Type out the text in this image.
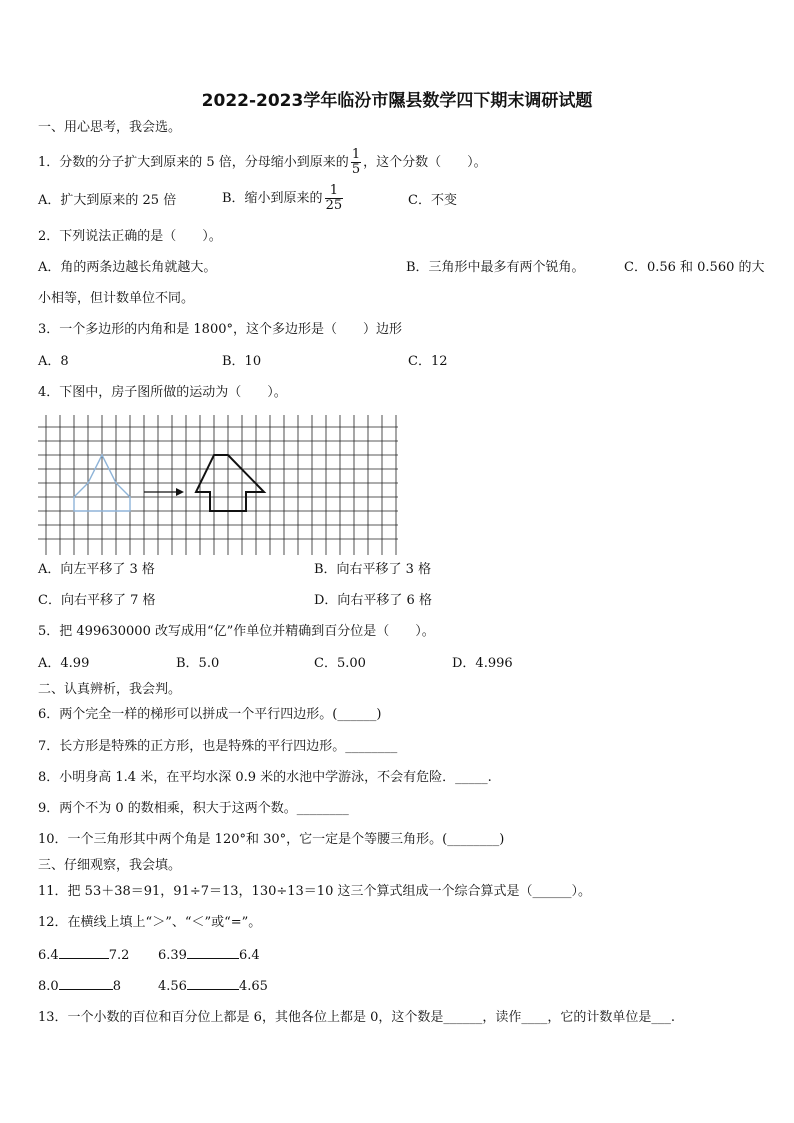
2022-2023学年临汾市隰县数学四下期末调研试题
一、用心思考，我会选。
1．分数的分子扩大到原来的 5 倍，分母缩小到原来的 $\frac{1}{5}$ ，这个分数（　　）。
A．扩大到原来的 25 倍	B．缩小到原来的 $\frac{1}{25}$	C．不变
2．下列说法正确的是（　　）。
A．角的两条边越长角就越大。	B．三角形中最多有两个锐角。	C．0.56 和 0.560 的大
小相等，但计数单位不同。
3．一个多边形的内角和是 1800°，这个多边形是（　　）边形
A．8	B．10	C．12
4．下图中，房子图所做的运动为（　　）。
A．向左平移了 3 格	B．向右平移了 3 格
C．向右平移了 7 格	D．向右平移了 6 格
5．把 499630000 改写成用“亿”作单位并精确到百分位是（　　）。
A．4.99	B．5.0	C．5.00	D．4.996
二、认真辨析，我会判。
6．两个完全一样的梯形可以拼成一个平行四边形。(______)
7．长方形是特殊的正方形，也是特殊的平行四边形。________
8．小明身高 1.4 米，在平均水深 0.9 米的水池中学游泳，不会有危险．_____.
9．两个不为 0 的数相乘，积大于这两个数。________
10．一个三角形其中两个角是 120°和 30°，它一定是个等腰三角形。(________)
三、仔细观察，我会填。
11．把 53＋38＝91，91÷7＝13，130÷13＝10 这三个算式组成一个综合算式是（______）。
12．在横线上填上“＞”、“＜”或“=”。
6.4	7.2 6.39	6.4
8.0	8	4.56	4.65
13．一个小数的百位和百分位上都是 6，其他各位上都是 0，这个数是______，读作____，它的计数单位是___.
